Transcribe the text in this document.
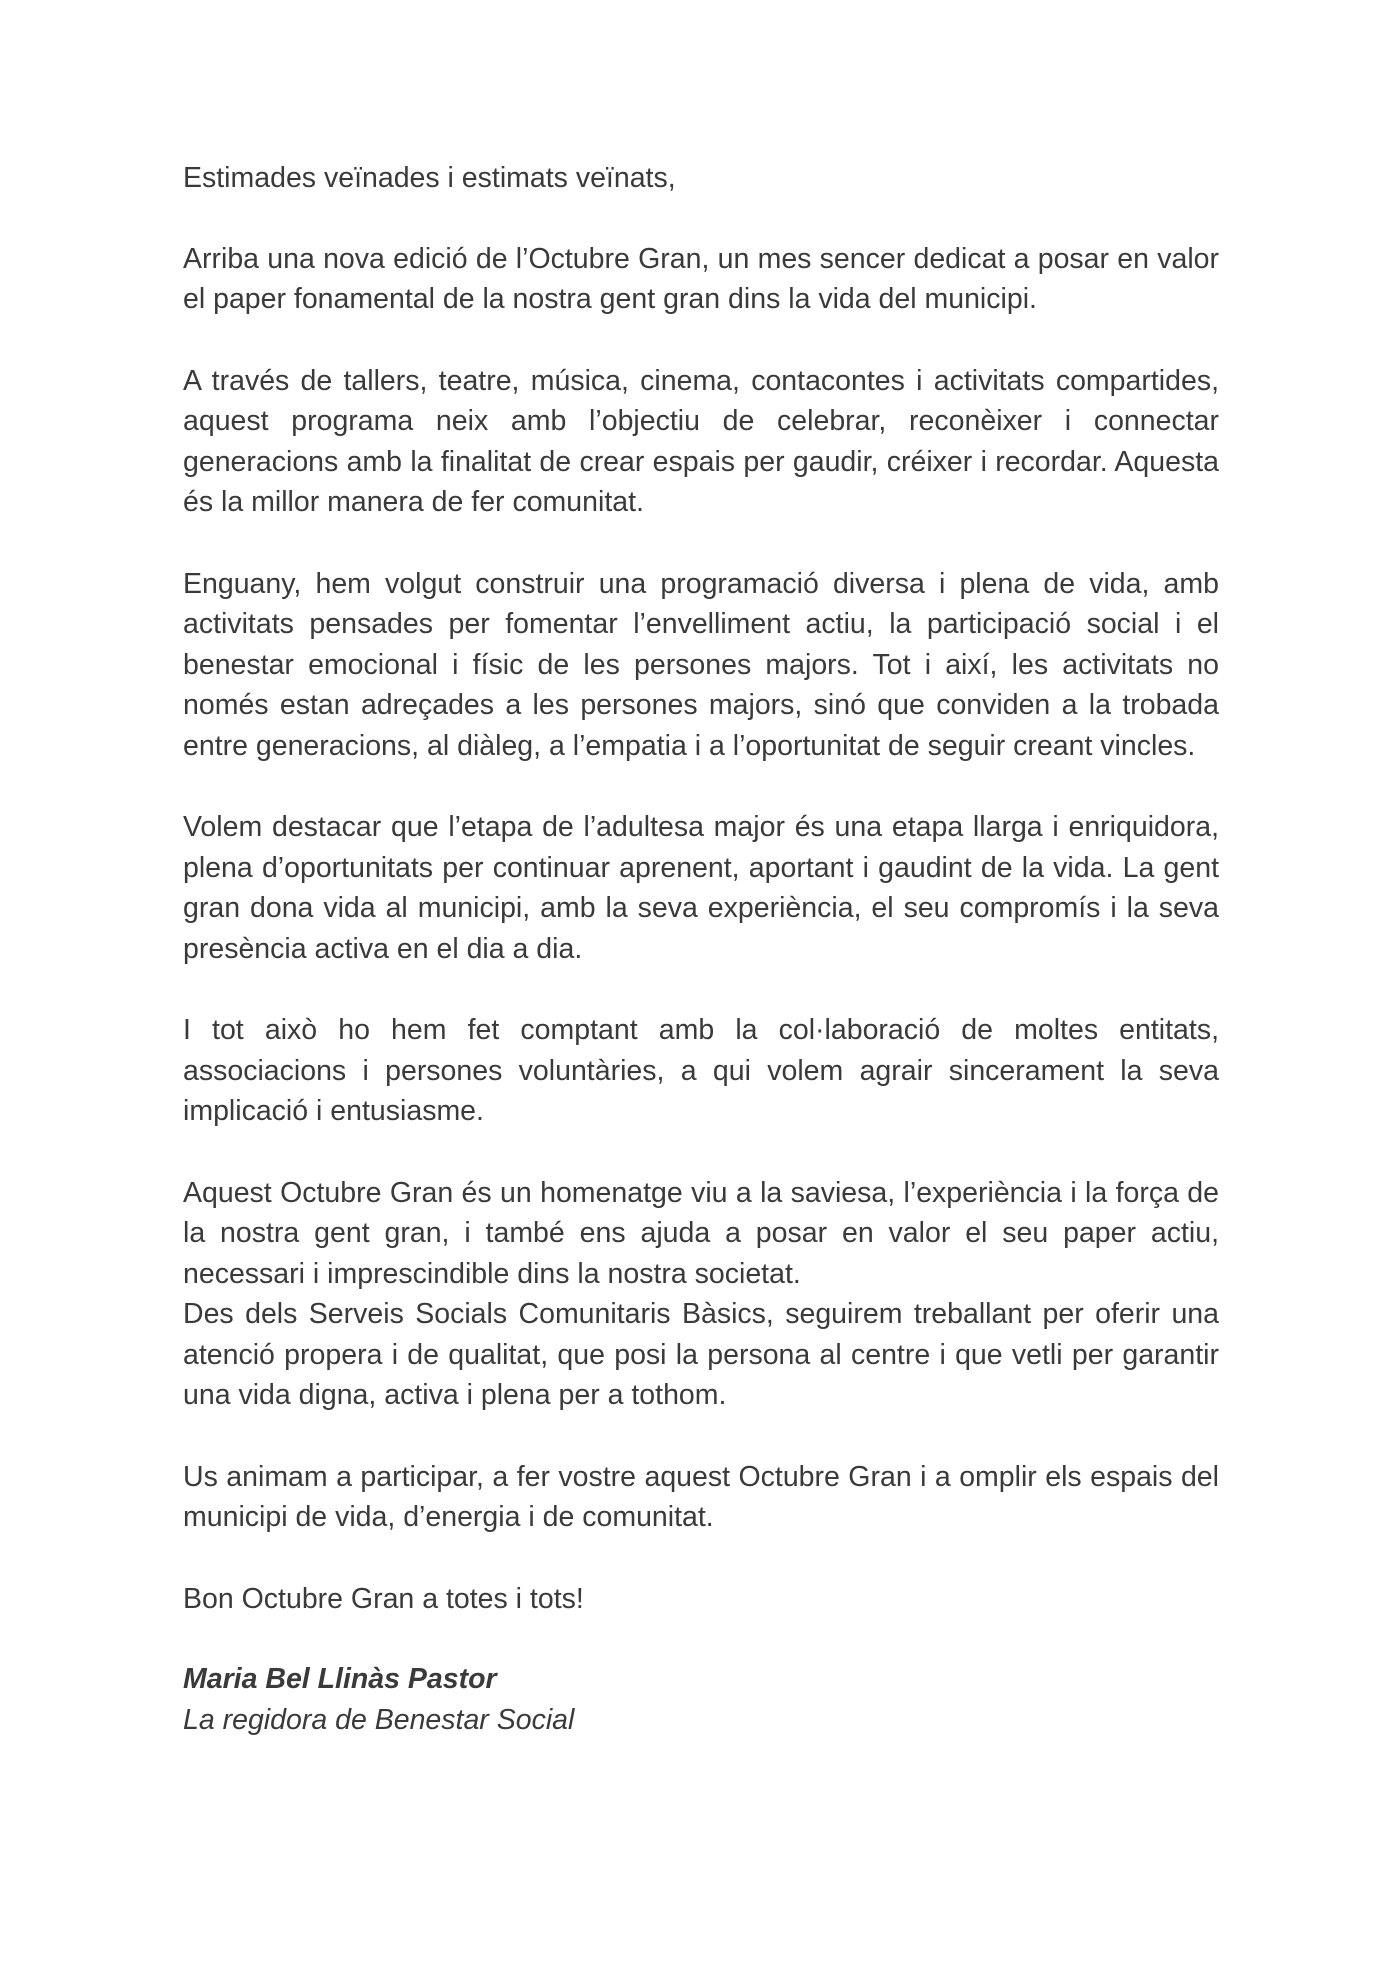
Estimades veïnades i estimats veïnats,

Arriba una nova edició de l’Octubre Gran, un mes sencer dedicat a posar en valor el paper fonamental de la nostra gent gran dins la vida del municipi.

A través de tallers, teatre, música, cinema, contacontes i activitats compartides, aquest programa neix amb l’objectiu de celebrar, reconèixer i connectar generacions amb la finalitat de crear espais per gaudir, créixer i recordar. Aquesta és la millor manera de fer comunitat.

Enguany, hem volgut construir una programació diversa i plena de vida, amb activitats pensades per fomentar l’envelliment actiu, la participació social i el benestar emocional i físic de les persones majors. Tot i així, les activitats no només estan adreçades a les persones majors, sinó que conviden a la trobada entre generacions, al diàleg, a l’empatia i a l’oportunitat de seguir creant vincles.

Volem destacar que l’etapa de l’adultesa major és una etapa llarga i enriquidora, plena d’oportunitats per continuar aprenent, aportant i gaudint de la vida. La gent gran dona vida al municipi, amb la seva experiència, el seu compromís i la seva presència activa en el dia a dia.

I tot això ho hem fet comptant amb la col·laboració de moltes entitats, associacions i persones voluntàries, a qui volem agrair sincerament la seva implicació i entusiasme.

Aquest Octubre Gran és un homenatge viu a la saviesa, l’experiència i la força de la nostra gent gran, i també ens ajuda a posar en valor el seu paper actiu, necessari i imprescindible dins la nostra societat.

Des dels Serveis Socials Comunitaris Bàsics, seguirem treballant per oferir una atenció propera i de qualitat, que posi la persona al centre i que vetli per garantir una vida digna, activa i plena per a tothom.

Us animam a participar, a fer vostre aquest Octubre Gran i a omplir els espais del municipi de vida, d’energia i de comunitat.

Bon Octubre Gran a totes i tots!

Maria Bel Llinàs Pastor
La regidora de Benestar Social
